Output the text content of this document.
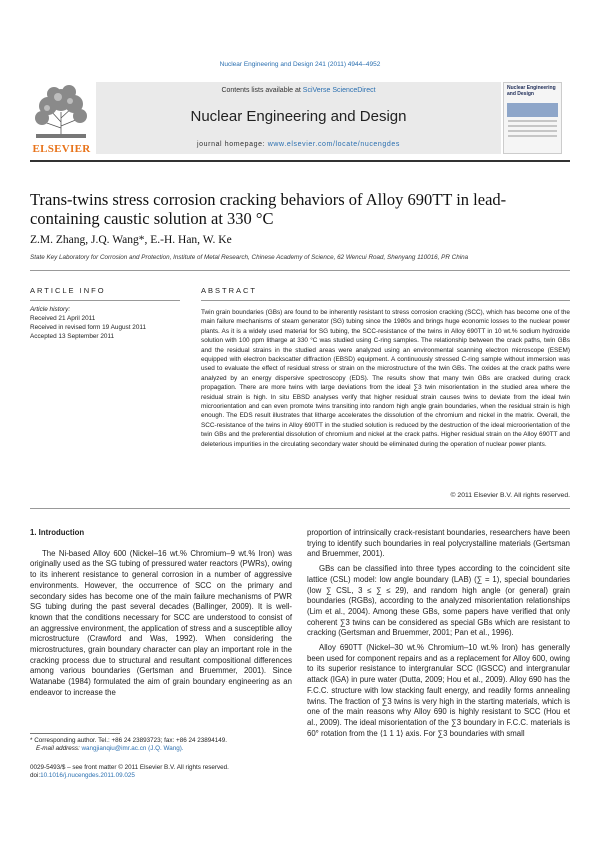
Nuclear Engineering and Design 241 (2011) 4944–4952
ELSEVIER
Contents lists available at SciVerse ScienceDirect
Nuclear Engineering and Design
journal homepage: www.elsevier.com/locate/nucengdes
Nuclear Engineering and Design
Trans-twins stress corrosion cracking behaviors of Alloy 690TT in lead-containing caustic solution at 330 °C
Z.M. Zhang, J.Q. Wang*, E.-H. Han, W. Ke
State Key Laboratory for Corrosion and Protection, Institute of Metal Research, Chinese Academy of Science, 62 Wencui Road, Shenyang 110016, PR China
ARTICLE INFO
Article history:
Received 21 April 2011
Received in revised form 19 August 2011
Accepted 13 September 2011
ABSTRACT
Twin grain boundaries (GBs) are found to be inherently resistant to stress corrosion cracking (SCC), which has become one of the main failure mechanisms of steam generator (SG) tubing since the 1980s and brings huge economic losses to the nuclear power plants. As it is a widely used material for SG tubing, the SCC-resistance of the twins in Alloy 690TT in 10 wt.% sodium hydroxide solution with 100 ppm litharge at 330 °C was studied using C-ring samples. The relationship between the crack paths, twin GBs and the residual strains in the studied areas were analyzed using an environmental scanning electron microscope (ESEM) equipped with electron backscatter diffraction (EBSD) equipment. A continuously stressed C-ring sample without immersion was used to evaluate the effect of residual stress or strain on the microstructure of the twin GBs. The oxides at the crack paths were analyzed by an energy dispersive spectroscopy (EDS). The results show that many twin GBs are cracked during crack propagation. There are more twins with large deviations from the ideal ∑3 twin misorientation in the studied area where the residual strain is high. In situ EBSD analyses verify that higher residual strain causes twins to deviate from the ideal twin microorientation and can even promote twins transiting into random high angle grain boundaries, when the residual strain is high enough. The EDS result illustrates that litharge accelerates the dissolution of the chromium and nickel in the matrix. Overall, the SCC-resistance of the twins in Alloy 690TT in the studied solution is reduced by the destruction of the ideal microorientation of the twin GBs and the preferential dissolution of chromium and nickel at the crack paths. Higher residual strain on the Alloy 690TT and deleterious impurities in the circulating secondary water should be eliminated during the operation of nuclear power plants.
© 2011 Elsevier B.V. All rights reserved.
1. Introduction

The Ni-based Alloy 600 (Nickel–16 wt.% Chromium–9 wt.% Iron) was originally used as the SG tubing of pressured water reactors (PWRs), owing to its inherent resistance to general corrosion in a number of aggressive environments. However, the occurrence of SCC on the primary and secondary sides has become one of the main failure mechanisms of PWR SG tubing during the past several decades (Ballinger, 2009). It is well-known that the conditions necessary for SCC are understood to consist of an aggressive environment, the application of stress and a susceptible alloy microstructure (Crawford and Was, 1992). When considering the microstructures, grain boundary character can play an important role in the cracking process due to structural and resultant compositional differences among various boundaries (Gertsman and Bruemmer, 2001). Since Watanabe (1984) formulated the aim of grain boundary engineering as an endeavor to increase the

proportion of intrinsically crack-resistant boundaries, researchers have been trying to identify such boundaries in real polycrystalline materials (Gertsman and Bruemmer, 2001).

GBs can be classified into three types according to the coincident site lattice (CSL) model: low angle boundary (LAB) (∑ = 1), special boundaries (low ∑ CSL, 3 ≤ ∑ ≤ 29), and random high angle (or general) grain boundaries (RGBs), according to the analyzed misorientation relationships (Lim et al., 2004). Among these GBs, some papers have verified that only coherent ∑3 twins can be considered as special GBs which are resistant to cracking (Gertsman and Bruemmer, 2001; Pan et al., 1996).

Alloy 690TT (Nickel–30 wt.% Chromium–10 wt.% Iron) has generally been used for component repairs and as a replacement for Alloy 600, owing to its superior resistance to intergranular SCC (IGSCC) and intergranular attack (IGA) in pure water (Dutta, 2009; Hou et al., 2009). Alloy 690 has the F.C.C. structure with low stacking fault energy, and readily forms annealing twins. The fraction of ∑3 twins is very high in the starting materials, which is one of the main reasons why Alloy 690 is highly resistant to SCC (Hou et al., 2009). The ideal misorientation of the ∑3 boundary in F.C.C. materials is 60° rotation from the ⟨1 1 1⟩ axis. For ∑3 boundaries with small

* Corresponding author. Tel.: +86 24 23893723; fax: +86 24 23894149.
E-mail address: wangjianqiu@imr.ac.cn (J.Q. Wang).
0029-5493/$ – see front matter © 2011 Elsevier B.V. All rights reserved.
doi:10.1016/j.nucengdes.2011.09.025
